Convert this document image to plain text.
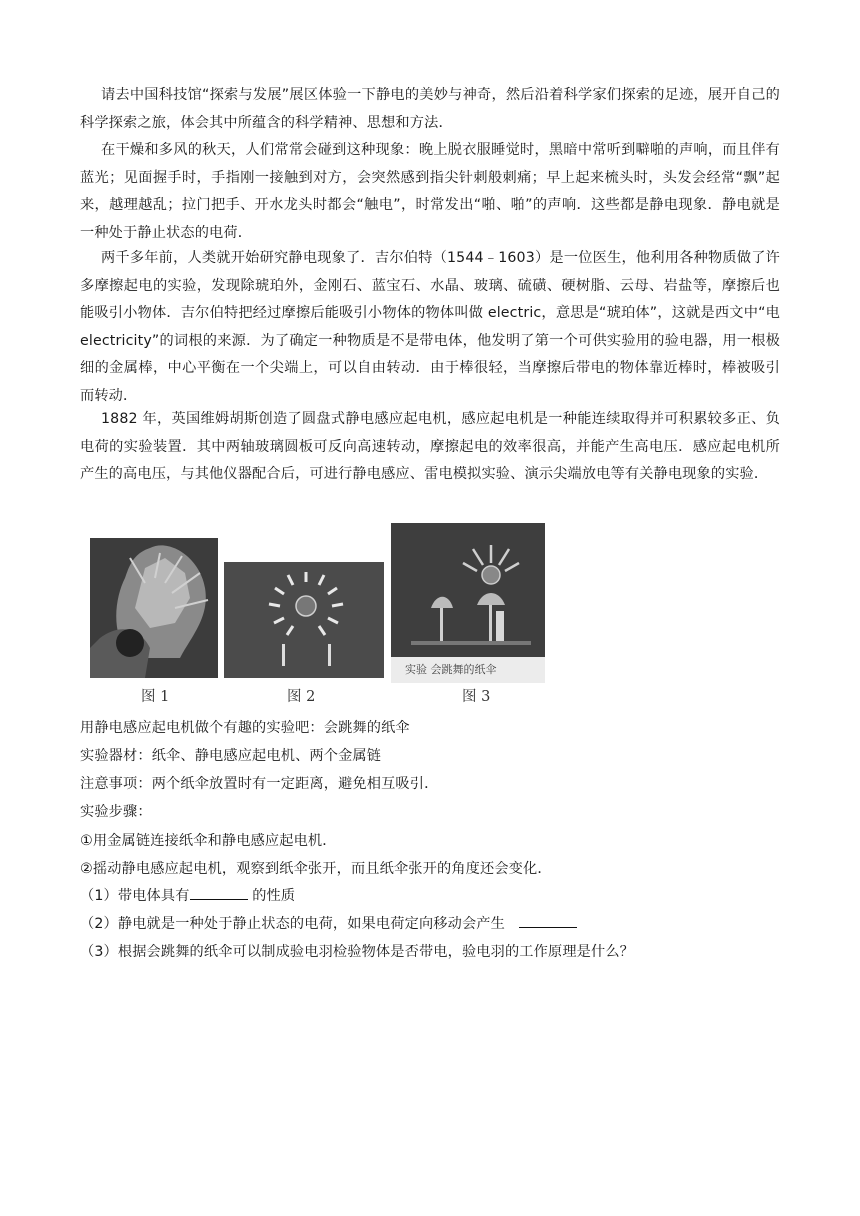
请去中国科技馆“探索与发展”展区体验一下静电的美妙与神奇，然后沿着科学家们探索的足迹，展开自己的科学探索之旅，体会其中所蕴含的科学精神、思想和方法．

在干燥和多风的秋天，人们常常会碰到这种现象：晚上脱衣服睡觉时，黑暗中常听到噼啪的声响，而且伴有蓝光；见面握手时，手指刚一接触到对方，会突然感到指尖针刺般刺痛；早上起来梳头时，头发会经常“飘”起来，越理越乱；拉门把手、开水龙头时都会“触电”，时常发出“啪、啪”的声响．这些都是静电现象．静电就是一种处于静止状态的电荷．

两千多年前，人类就开始研究静电现象了．吉尔伯特（1544﹣1603）是一位医生，他利用各种物质做了许多摩擦起电的实验，发现除琥珀外，金刚石、蓝宝石、水晶、玻璃、硫磺、硬树脂、云母、岩盐等，摩擦后也能吸引小物体．吉尔伯特把经过摩擦后能吸引小物体的物体叫做 electric，意思是“琥珀体”，这就是西文中“电 electricity”的词根的来源．为了确定一种物质是不是带电体，他发明了第一个可供实验用的验电器，用一根极细的金属棒，中心平衡在一个尖端上，可以自由转动．由于棒很轻，当摩擦后带电的物体靠近棒时，棒被吸引而转动．

1882 年，英国维姆胡斯创造了圆盘式静电感应起电机，感应起电机是一种能连续取得并可积累较多正、负电荷的实验装置．其中两轴玻璃圆板可反向高速转动，摩擦起电的效率很高，并能产生高电压．感应起电机所产生的高电压，与其他仪器配合后，可进行静电感应、雷电模拟实验、演示尖端放电等有关静电现象的实验．

图 1	图 2
实验 会跳舞的纸伞
图 3

用静电感应起电机做个有趣的实验吧：会跳舞的纸伞

实验器材：纸伞、静电感应起电机、两个金属链

注意事项：两个纸伞放置时有一定距离，避免相互吸引．

实验步骤：

①用金属链连接纸伞和静电感应起电机．

②摇动静电感应起电机，观察到纸伞张开，而且纸伞张开的角度还会变化．

（1）带电体具有	的性质

（2）静电就是一种处于静止状态的电荷，如果电荷定向移动会产生　

（3）根据会跳舞的纸伞可以制成验电羽检验物体是否带电，验电羽的工作原理是什么？
